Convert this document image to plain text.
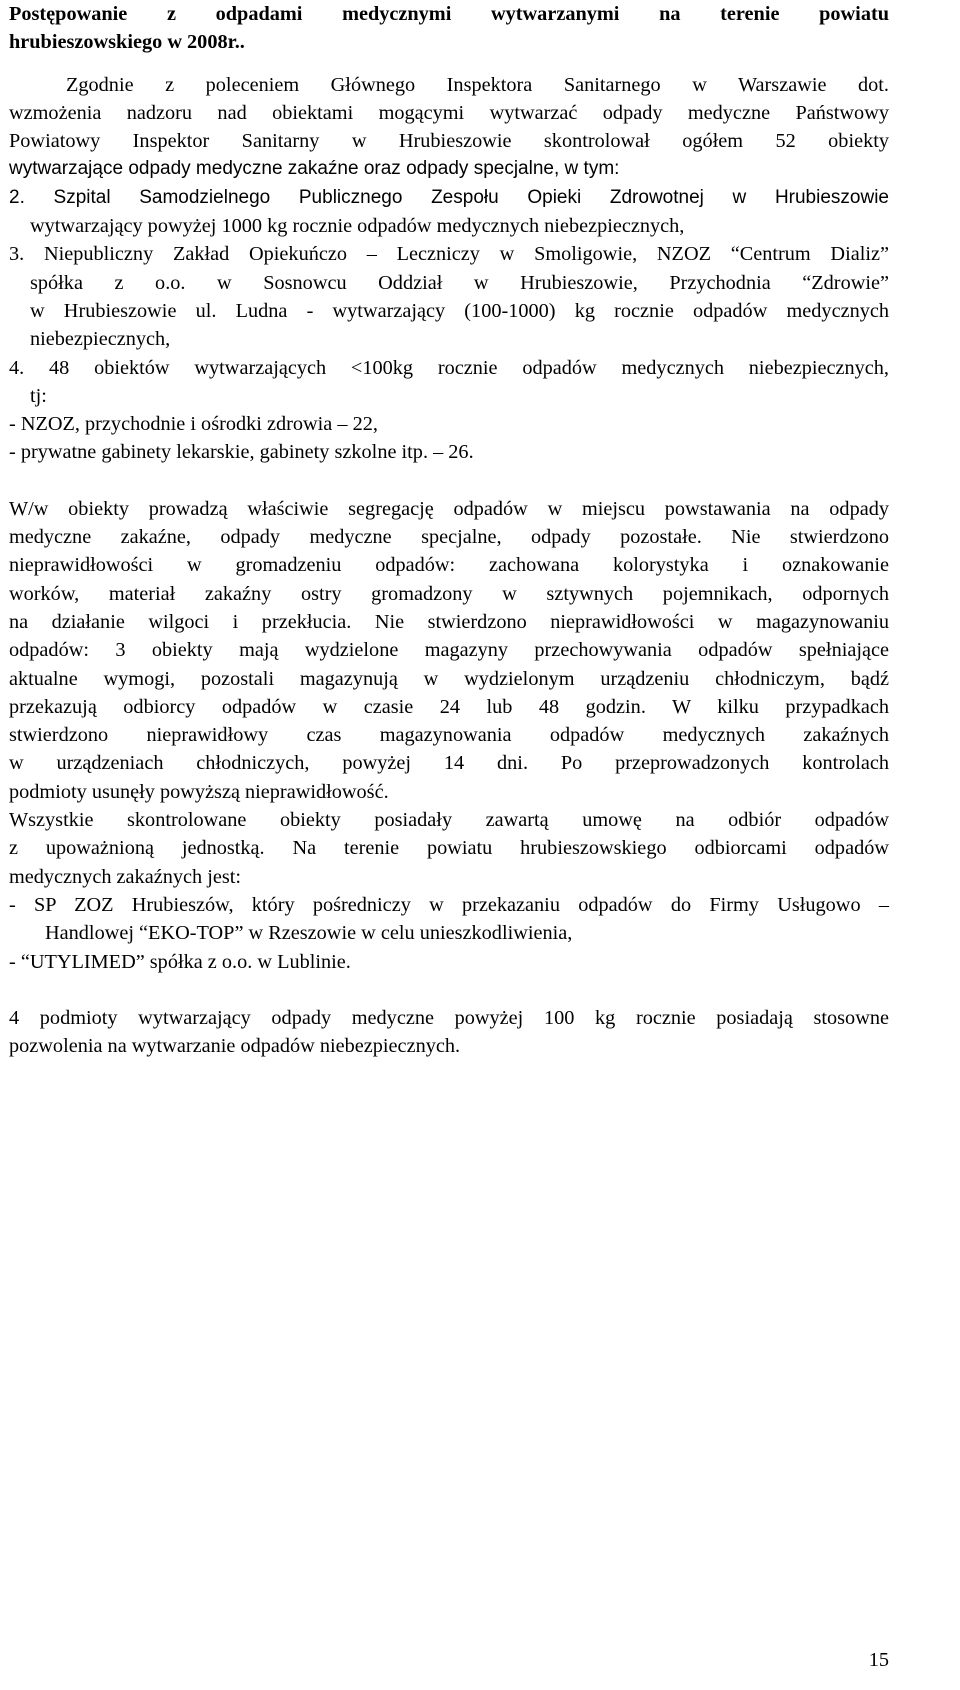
Postępowanie z odpadami medycznymi wytwarzanymi na terenie powiatu
hrubieszowskiego w 2008r..
Zgodnie z poleceniem Głównego Inspektora Sanitarnego w Warszawie dot.
wzmożenia nadzoru nad obiektami mogącymi wytwarzać odpady medyczne Państwowy
Powiatowy Inspektor Sanitarny w Hrubieszowie skontrolował ogółem 52 obiekty
wytwarzające odpady medyczne zakaźne oraz odpady specjalne, w tym:
2. Szpital Samodzielnego Publicznego Zespołu Opieki Zdrowotnej w Hrubieszowie
wytwarzający powyżej 1000 kg rocznie odpadów medycznych niebezpiecznych,
3. Niepubliczny Zakład Opiekuńczo – Leczniczy w Smoligowie, NZOZ “Centrum Dializ”
spółka z o.o. w Sosnowcu Oddział w Hrubieszowie, Przychodnia “Zdrowie”
w Hrubieszowie ul. Ludna - wytwarzający (100-1000) kg rocznie odpadów medycznych
niebezpiecznych,
4. 48 obiektów wytwarzających <100kg rocznie odpadów medycznych niebezpiecznych,
tj:
- NZOZ, przychodnie i ośrodki zdrowia – 22,
- prywatne gabinety lekarskie, gabinety szkolne itp. – 26.
W/w obiekty prowadzą właściwie segregację odpadów w miejscu powstawania na odpady
medyczne zakaźne, odpady medyczne specjalne, odpady pozostałe. Nie stwierdzono
nieprawidłowości w gromadzeniu odpadów: zachowana kolorystyka i oznakowanie
worków, materiał zakaźny ostry gromadzony w sztywnych pojemnikach, odpornych
na działanie wilgoci i przekłucia. Nie stwierdzono nieprawidłowości w magazynowaniu
odpadów: 3 obiekty mają wydzielone magazyny przechowywania odpadów spełniające
aktualne wymogi, pozostali magazynują w wydzielonym urządzeniu chłodniczym, bądź
przekazują odbiorcy odpadów w czasie 24 lub 48 godzin. W kilku przypadkach
stwierdzono nieprawidłowy czas magazynowania odpadów medycznych zakaźnych
w urządzeniach chłodniczych, powyżej 14 dni. Po przeprowadzonych kontrolach
podmioty usunęły powyższą nieprawidłowość.
Wszystkie skontrolowane obiekty posiadały zawartą umowę na odbiór odpadów
z upoważnioną jednostką. Na terenie powiatu hrubieszowskiego odbiorcami odpadów
medycznych zakaźnych jest:
- SP ZOZ Hrubieszów, który pośredniczy w przekazaniu odpadów do Firmy Usługowo –
Handlowej “EKO-TOP” w Rzeszowie w celu unieszkodliwienia,
- “UTYLIMED” spółka z o.o. w Lublinie.
4 podmioty wytwarzający odpady medyczne powyżej 100 kg rocznie posiadają stosowne
pozwolenia na wytwarzanie odpadów niebezpiecznych.
15
